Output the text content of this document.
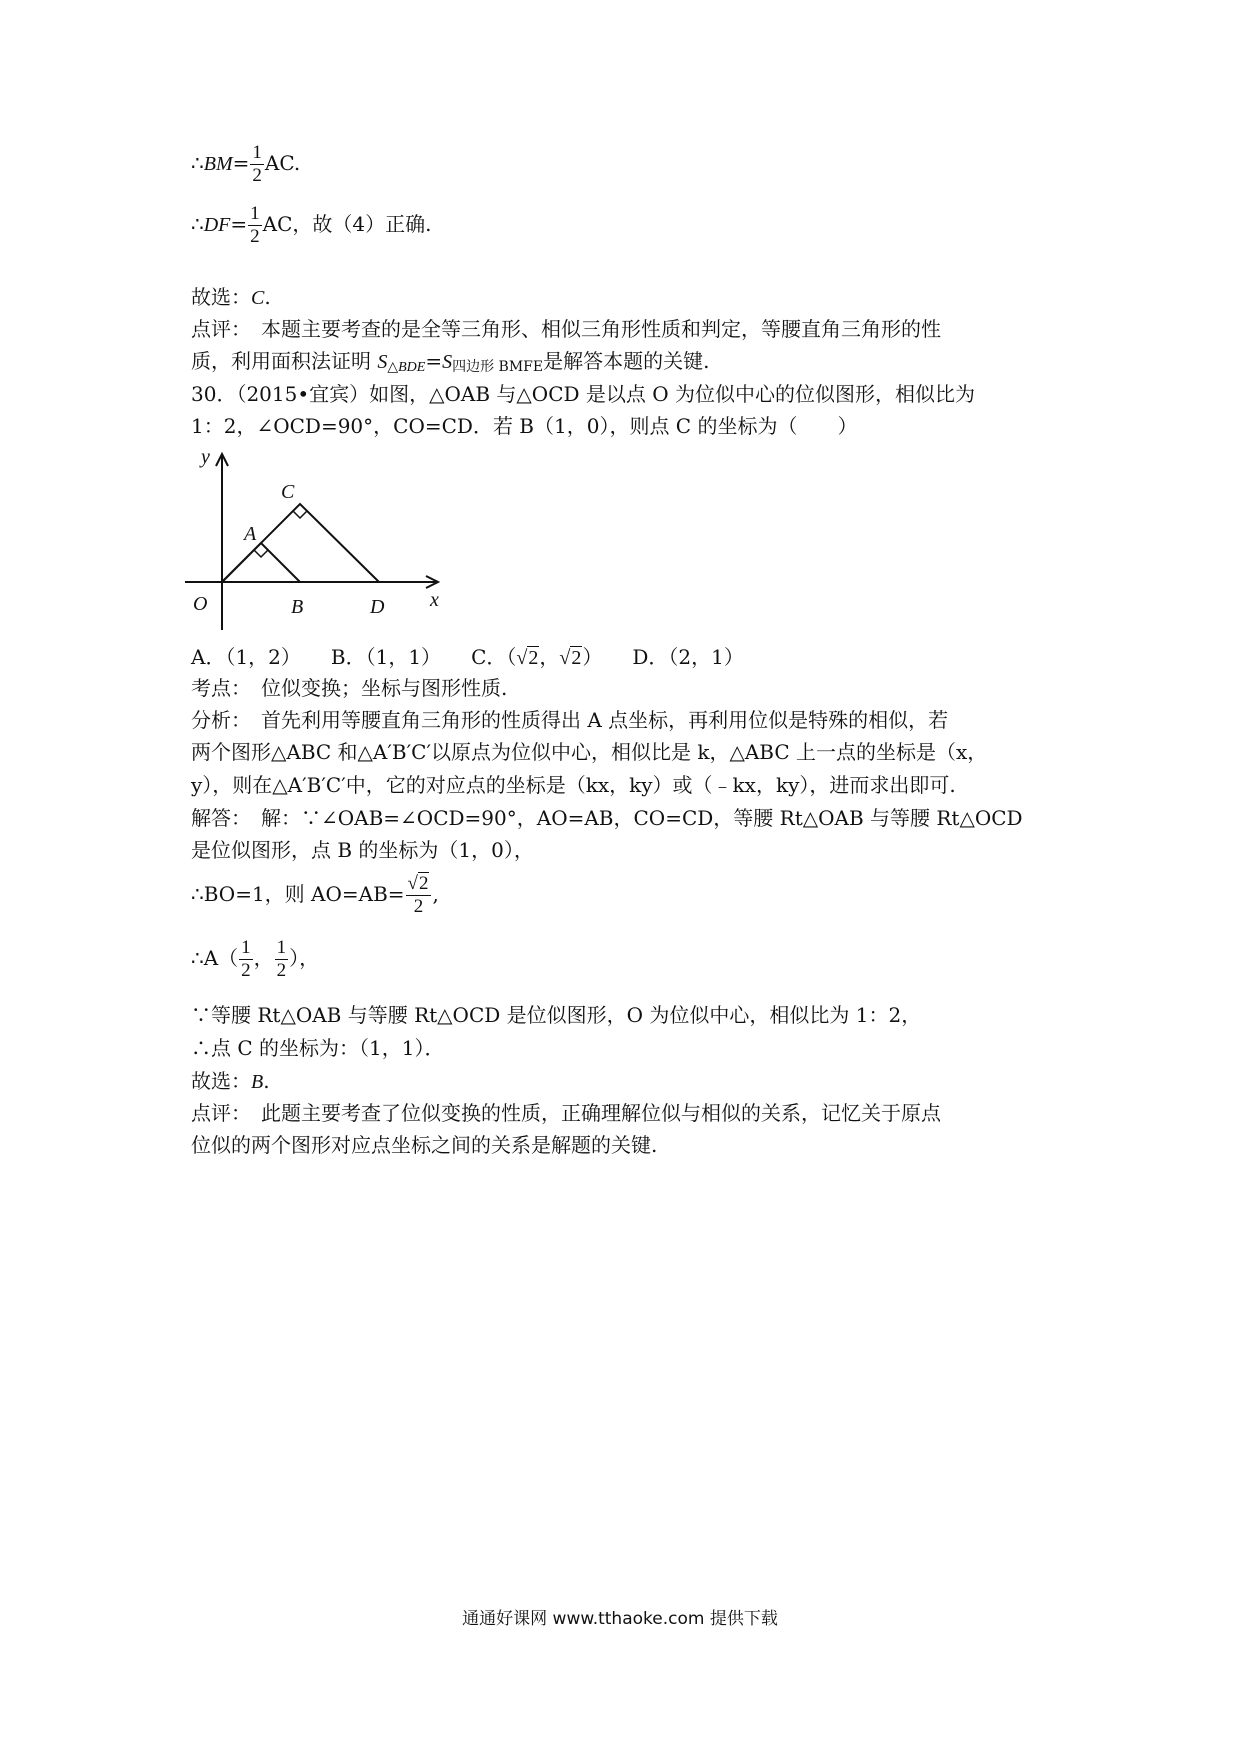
∴BM= $\frac{1}{2}$ AC.
∴DF= $\frac{1}{2}$ AC，故（4）正确.
故选：C.
点评：　 本题主要考查的是全等三角形、相似三角形性质和判定，等腰直角三角形的性
质，利用面积法证明 $S_{\triangle BDE}=S_{四边形 BMFE}$是解答本题的关键.
30．（2015•宜宾）如图，△OAB 与△OCD 是以点 O 为位似中心的位似图形，相似比为
1：2，∠OCD=90°，CO=CD．若 B（1，0），则点 C 的坐标为（　　）
y
x
O
A
B
C
D
A．（1，2）　　 B．（1，1）　　 C．（√2，√2）　　 D．（2，1）
考点：　 位似变换；坐标与图形性质.
分析：　 首先利用等腰直角三角形的性质得出 A 点坐标，再利用位似是特殊的相似，若
两个图形△ABC 和△A′B′C′以原点为位似中心，相似比是 k，△ABC 上一点的坐标是（x，
y），则在△A′B′C′中，它的对应点的坐标是（kx，ky）或（﹣kx，ky），进而求出即可.
解答：　 解：∵∠OAB=∠OCD=90°，AO=AB，CO=CD，等腰 Rt△OAB 与等腰 Rt△OCD
是位似图形，点 B 的坐标为（1，0），
∴BO=1，则 $AO=AB= \frac{√2}{2}$ ,
∴A（ $\frac{1}{2}$ ， $\frac{1}{2}$ ），
∵等腰 Rt△OAB 与等腰 Rt△OCD 是位似图形，O 为位似中心，相似比为 1：2，
∴点 C 的坐标为：（1，1）．
故选：B.
点评：　 此题主要考查了位似变换的性质，正确理解位似与相似的关系，记忆关于原点
位似的两个图形对应点坐标之间的关系是解题的关键.
通通好课网 www.tthaoke.com 提供下载
